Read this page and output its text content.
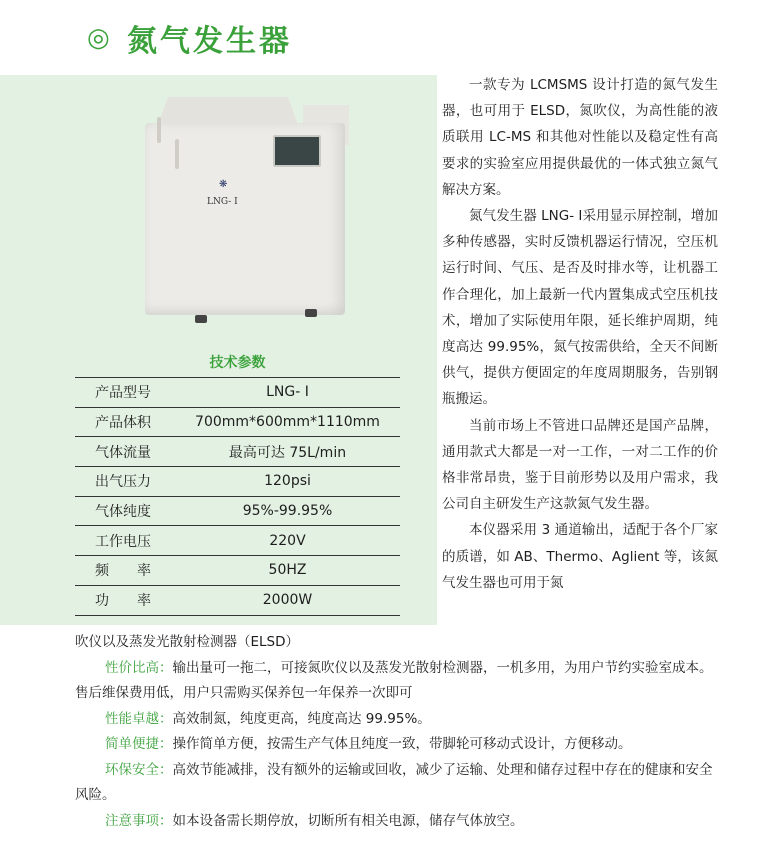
◎ 氮气发生器
❋
LNG- Ⅰ
技术参数
产品型号	LNG- Ⅰ
产品体积	700mm*600mm*1110mm
气体流量	最高可达 75L/min
出气压力	120psi
气体纯度	95%-99.95%
工作电压	220V
频　　率	50HZ
功　　率	2000W

一款专为 LCMSMS 设计打造的氮气发生器，也可用于 ELSD，氮吹仪，为高性能的液质联用 LC-MS 和其他对性能以及稳定性有高要求的实验室应用提供最优的一体式独立氮气解决方案。

氮气发生器 LNG- Ⅰ采用显示屏控制，增加多种传感器，实时反馈机器运行情况，空压机运行时间、气压、是否及时排水等，让机器工作合理化，加上最新一代内置集成式空压机技术，增加了实际使用年限，延长维护周期，纯度高达 99.95%，氮气按需供给，全天不间断供气，提供方便固定的年度周期服务，告别钢瓶搬运。

当前市场上不管进口品牌还是国产品牌，通用款式大都是一对一工作，一对二工作的价格非常昂贵，鉴于目前形势以及用户需求，我公司自主研发生产这款氮气发生器。

本仪器采用 3 通道输出，适配于各个厂家的质谱，如 AB、Thermo、Aglient 等，该氮气发生器也可用于氮

吹仪以及蒸发光散射检测器（ELSD）

性价比高：输出量可一拖二，可接氮吹仪以及蒸发光散射检测器，一机多用，为用户节约实验室成本。售后维保费用低，用户只需购买保养包一年保养一次即可

性能卓越：高效制氮，纯度更高，纯度高达 99.95%。

简单便捷：操作简单方便，按需生产气体且纯度一致，带脚轮可移动式设计，方便移动。

环保安全：高效节能减排，没有额外的运输或回收，减少了运输、处理和储存过程中存在的健康和安全风险。

注意事项：如本设备需长期停放，切断所有相关电源，储存气体放空。
